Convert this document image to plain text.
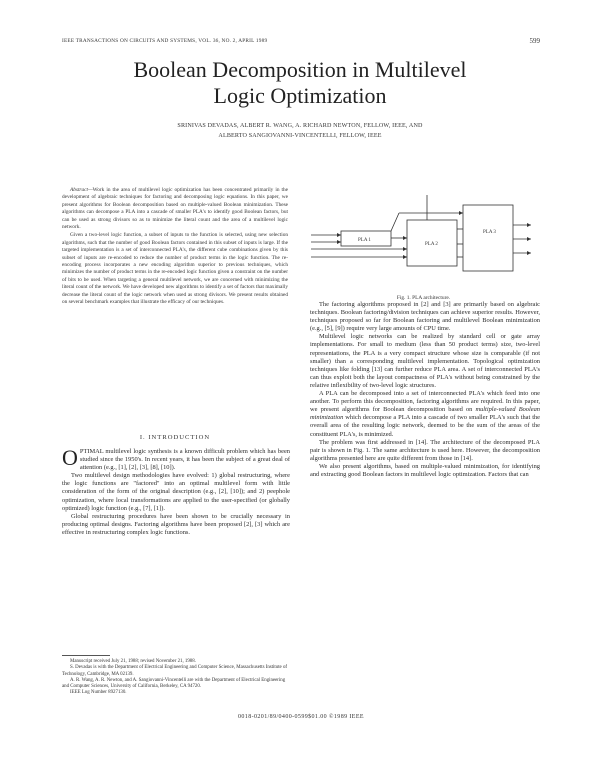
IEEE TRANSACTIONS ON CIRCUITS AND SYSTEMS, VOL. 36, NO. 2, APRIL 1989	599
Boolean Decomposition in Multilevel
Logic Optimization
SRINIVAS DEVADAS, ALBERT R. WANG, A. RICHARD NEWTON, FELLOW, IEEE, AND
ALBERTO SANGIOVANNI-VINCENTELLI, FELLOW, IEEE

Abstract—Work in the area of multilevel logic optimization has been concentrated primarily in the development of algebraic techniques for factoring and decomposing logic equations. In this paper, we present algorithms for Boolean decomposition based on multiple-valued Boolean minimization. These algorithms can decompose a PLA into a cascade of smaller PLA's to identify good Boolean factors, but can be used as strong divisors so as to minimize the literal count and the area of a multilevel logic network.

Given a two-level logic function, a subset of inputs to the function is selected, using new selection algorithms, such that the number of good Boolean factors contained in this subset of inputs is large. If the targeted implementation is a set of interconnected PLA's, the different cube combinations given by this subset of inputs are re-encoded to reduce the number of product terms in the logic function. The re-encoding process incorporates a new encoding algorithm superior to previous techniques, which minimizes the number of product terms in the re-encoded logic function given a constraint on the number of bits to be used. When targeting a general multilevel network, we are concerned with minimizing the literal count of the network. We have developed new algorithms to identify a set of factors that maximally decrease the literal count of the logic network when used as strong divisors. We present results obtained on several benchmark examples that illustrate the efficacy of our techniques.

I. INTRODUCTION

OPTIMAL multilevel logic synthesis is a known difficult problem which has been studied since the 1950's. In recent years, it has been the subject of a great deal of attention (e.g., [1], [2], [3], [8], [10]).

Two multilevel design methodologies have evolved: 1) global restructuring, where the logic functions are "factored" into an optimal multilevel form with little consideration of the form of the original description (e.g., [2], [10]); and 2) peephole optimization, where local transformations are applied to the user-specified (or globally optimized) logic function (e.g., [7], [1]).

Global restructuring procedures have been shown to be crucially necessary in producing optimal designs. Factoring algorithms have been proposed [2], [3] which are effective in restructuring complex logic functions.

Manuscript received July 21, 1988; revised November 21, 1988.

S. Devadas is with the Department of Electrical Engineering and Computer Science, Massachusetts Institute of Technology, Cambridge, MA 02139.

A. R. Wang, A. R. Newton, and A. Sangiovanni-Vincentelli are with the Department of Electrical Engineering and Computer Sciences, University of California, Berkeley, CA 94720.

IEEE Log Number 8927130.

PLA 1
PLA 2
PLA 3
Fig. 1. PLA architecture.

The factoring algorithms proposed in [2] and [3] are primarily based on algebraic techniques. Boolean factoring/division techniques can achieve superior results. However, techniques proposed so far for Boolean factoring and multilevel Boolean minimization (e.g., [5], [9]) require very large amounts of CPU time.

Multilevel logic networks can be realized by standard cell or gate array implementations. For small to medium (less than 50 product terms) size, two-level representations, the PLA is a very compact structure whose size is comparable (if not smaller) than a corresponding multilevel implementation. Topological optimization techniques like folding [13] can further reduce PLA area. A set of interconnected PLA's can thus exploit both the layout compactness of PLA's without being constrained by the relative inflexibility of two-level logic structures.

A PLA can be decomposed into a set of interconnected PLA's which feed into one another. To perform this decomposition, factoring algorithms are required. In this paper, we present algorithms for Boolean decomposition based on multiple-valued Boolean minimization which decompose a PLA into a cascade of two smaller PLA's such that the overall area of the resulting logic network, deemed to be the sum of the areas of the constituent PLA's, is minimized.

The problem was first addressed in [14]. The architecture of the decomposed PLA pair is shown in Fig. 1. The same architecture is used here. However, the decomposition algorithms presented here are quite different from those in [14].

We also present algorithms, based on multiple-valued minimization, for identifying and extracting good Boolean factors in multilevel logic optimization. Factors that can

0018-0201/89/0400-0599$01.00 ©1989 IEEE
